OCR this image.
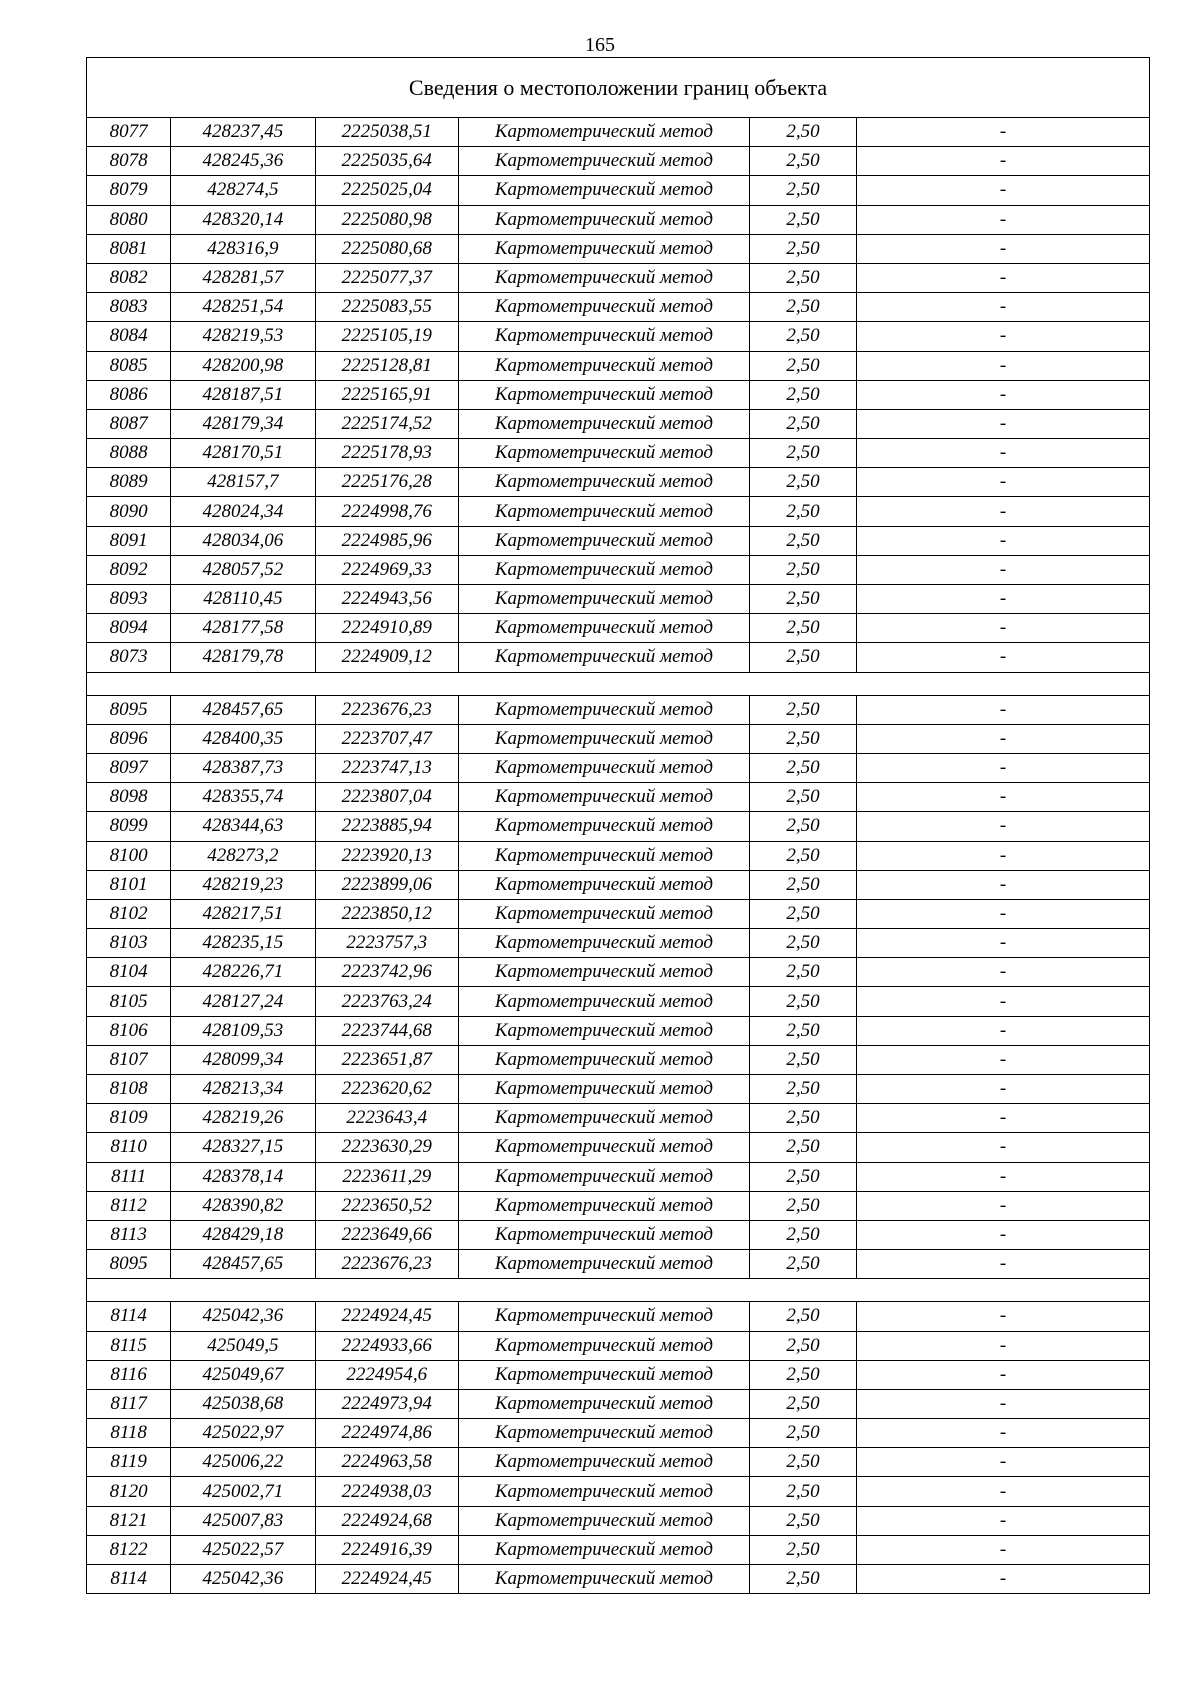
165
Сведения о местоположении границ объекта					
8077	428237,45	2225038,51	Картометрический метод	2,50	-
8078	428245,36	2225035,64	Картометрический метод	2,50	-
8079	428274,5	2225025,04	Картометрический метод	2,50	-
8080	428320,14	2225080,98	Картометрический метод	2,50	-
8081	428316,9	2225080,68	Картометрический метод	2,50	-
8082	428281,57	2225077,37	Картометрический метод	2,50	-
8083	428251,54	2225083,55	Картометрический метод	2,50	-
8084	428219,53	2225105,19	Картометрический метод	2,50	-
8085	428200,98	2225128,81	Картометрический метод	2,50	-
8086	428187,51	2225165,91	Картометрический метод	2,50	-
8087	428179,34	2225174,52	Картометрический метод	2,50	-
8088	428170,51	2225178,93	Картометрический метод	2,50	-
8089	428157,7	2225176,28	Картометрический метод	2,50	-
8090	428024,34	2224998,76	Картометрический метод	2,50	-
8091	428034,06	2224985,96	Картометрический метод	2,50	-
8092	428057,52	2224969,33	Картометрический метод	2,50	-
8093	428110,45	2224943,56	Картометрический метод	2,50	-
8094	428177,58	2224910,89	Картометрический метод	2,50	-
8073	428179,78	2224909,12	Картометрический метод	2,50	-

8095	428457,65	2223676,23	Картометрический метод	2,50	-
8096	428400,35	2223707,47	Картометрический метод	2,50	-
8097	428387,73	2223747,13	Картометрический метод	2,50	-
8098	428355,74	2223807,04	Картометрический метод	2,50	-
8099	428344,63	2223885,94	Картометрический метод	2,50	-
8100	428273,2	2223920,13	Картометрический метод	2,50	-
8101	428219,23	2223899,06	Картометрический метод	2,50	-
8102	428217,51	2223850,12	Картометрический метод	2,50	-
8103	428235,15	2223757,3	Картометрический метод	2,50	-
8104	428226,71	2223742,96	Картометрический метод	2,50	-
8105	428127,24	2223763,24	Картометрический метод	2,50	-
8106	428109,53	2223744,68	Картометрический метод	2,50	-
8107	428099,34	2223651,87	Картометрический метод	2,50	-
8108	428213,34	2223620,62	Картометрический метод	2,50	-
8109	428219,26	2223643,4	Картометрический метод	2,50	-
8110	428327,15	2223630,29	Картометрический метод	2,50	-
8111	428378,14	2223611,29	Картометрический метод	2,50	-
8112	428390,82	2223650,52	Картометрический метод	2,50	-
8113	428429,18	2223649,66	Картометрический метод	2,50	-
8095	428457,65	2223676,23	Картометрический метод	2,50	-

8114	425042,36	2224924,45	Картометрический метод	2,50	-
8115	425049,5	2224933,66	Картометрический метод	2,50	-
8116	425049,67	2224954,6	Картометрический метод	2,50	-
8117	425038,68	2224973,94	Картометрический метод	2,50	-
8118	425022,97	2224974,86	Картометрический метод	2,50	-
8119	425006,22	2224963,58	Картометрический метод	2,50	-
8120	425002,71	2224938,03	Картометрический метод	2,50	-
8121	425007,83	2224924,68	Картометрический метод	2,50	-
8122	425022,57	2224916,39	Картометрический метод	2,50	-
8114	425042,36	2224924,45	Картометрический метод	2,50	-
